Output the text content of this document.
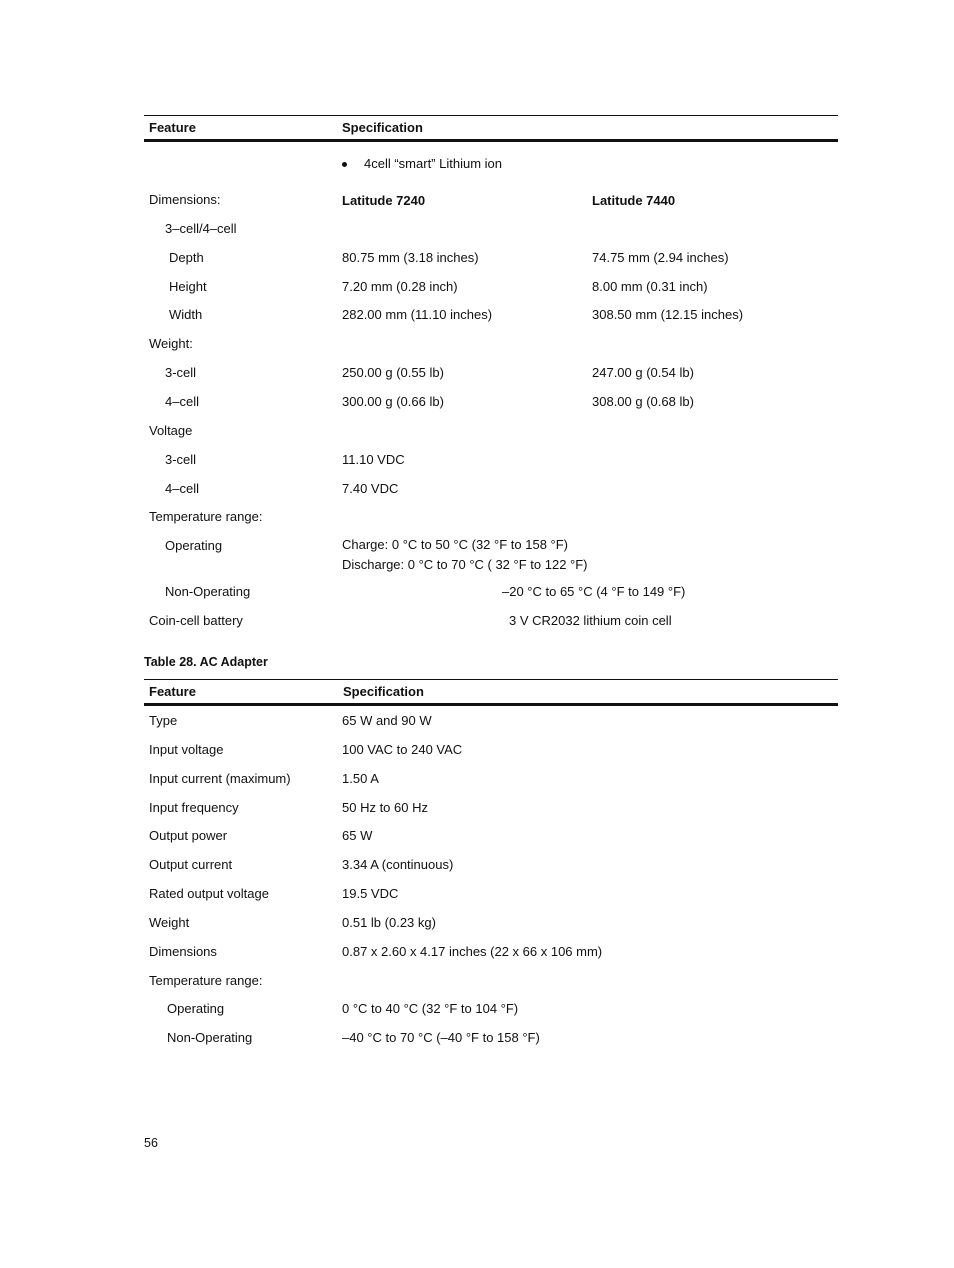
Feature	Specification
4cell “smart” Lithium ion
Dimensions:	Latitude 7240	Latitude 7440
3–cell/4–cell
Depth	80.75 mm (3.18 inches)	74.75 mm (2.94 inches)
Height	7.20 mm (0.28 inch)	8.00 mm (0.31 inch)
Width	282.00 mm (11.10 inches)	308.50 mm (12.15 inches)
Weight:
3-cell	250.00 g (0.55 lb)	247.00 g (0.54 lb)
4–cell	300.00 g (0.66 lb)	308.00 g (0.68 lb)
Voltage
3-cell	11.10 VDC
4–cell	7.40 VDC
Temperature range:
Operating	Charge: 0 °C to 50 °C (32 °F to 158 °F)
Discharge: 0 °C to 70 °C ( 32 °F to 122 °F)
Non-Operating	–20 °C to 65 °C (4 °F to 149 °F)
Coin-cell battery	3 V CR2032 lithium coin cell
Table 28. AC Adapter
Feature	Specification
Type	65 W and 90 W
Input voltage	100 VAC to 240 VAC
Input current (maximum)	1.50 A
Input frequency	50 Hz to 60 Hz
Output power	65 W
Output current	3.34 A (continuous)
Rated output voltage	19.5 VDC
Weight	0.51 lb (0.23 kg)
Dimensions	0.87 x 2.60 x 4.17 inches (22 x 66 x 106 mm)
Temperature range:
Operating	0 °C to 40 °C (32 °F to 104 °F)
Non-Operating	–40 °C to 70 °C (–40 °F to 158 °F)
56
